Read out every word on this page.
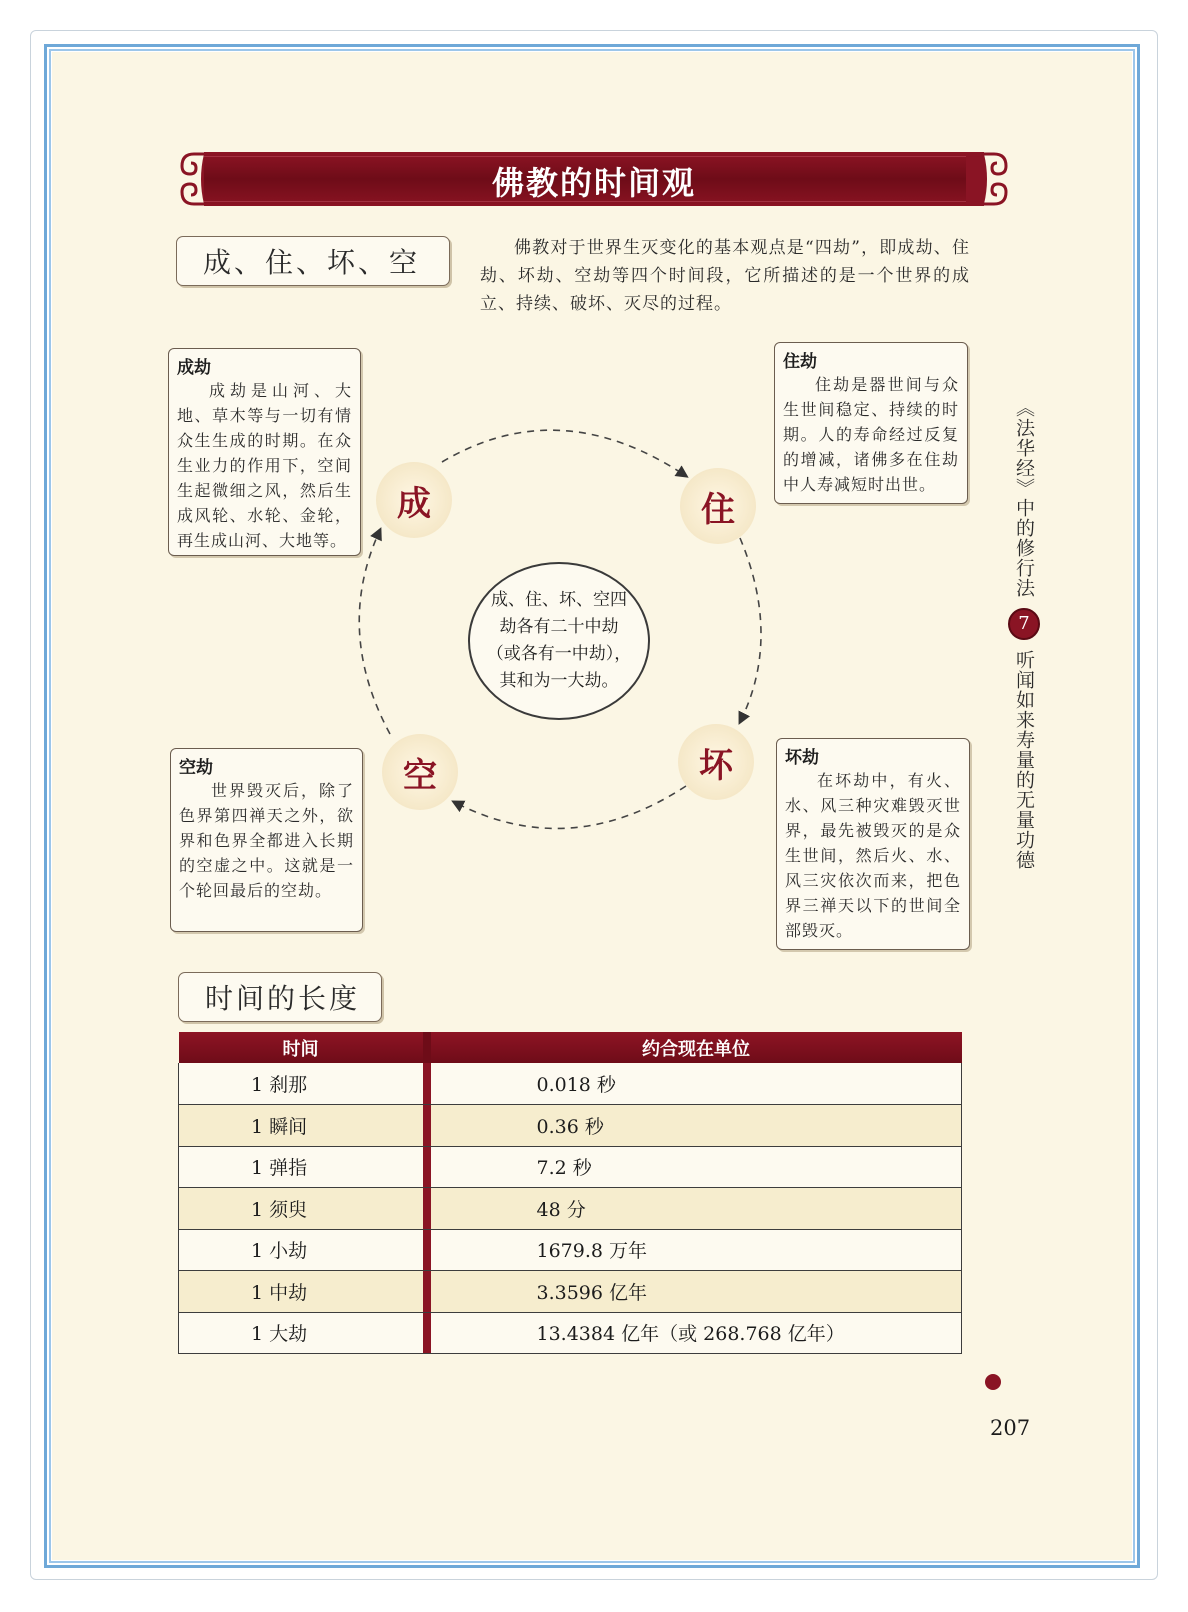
佛教的时间观
成、住、坏、空	佛教对于世界生灭变化的基本观点是“四劫”，即成劫、住劫、坏劫、空劫等四个时间段，它所描述的是一个世界的成立、持续、破坏、灭尽的过程。

成劫
成劫是山河、大地、草木等与一切有情众生生成的时期。在众生业力的作用下，空间生起微细之风，然后生成风轮、水轮、金轮，再生成山河、大地等。
住劫
住劫是器世间与众生世间稳定、持续的时期。人的寿命经过反复的增减，诸佛多在住劫中人寿减短时出世。
空劫
世界毁灭后，除了色界第四禅天之外，欲界和色界全都进入长期的空虚之中。这就是一个轮回最后的空劫。
坏劫
在坏劫中，有火、水、风三种灾难毁灭世界，最先被毁灭的是众生世间，然后火、水、风三灾依次而来，把色界三禅天以下的世间全部毁灭。
成	住
坏
空
成、住、坏、空四劫各有二十中劫（或各有一中劫），其和为一大劫。
《法华经》中的修行法
7
听闻如来寿量的无量功德
时间的长度
时间		约合现在单位
1 刹那		0.018 秒
1 瞬间		0.36 秒
1 弹指		7.2 秒
1 须臾		48 分
1 小劫		1679.8 万年
1 中劫		3.3596 亿年
1 大劫		13.4384 亿年（或 268.768 亿年）
207
